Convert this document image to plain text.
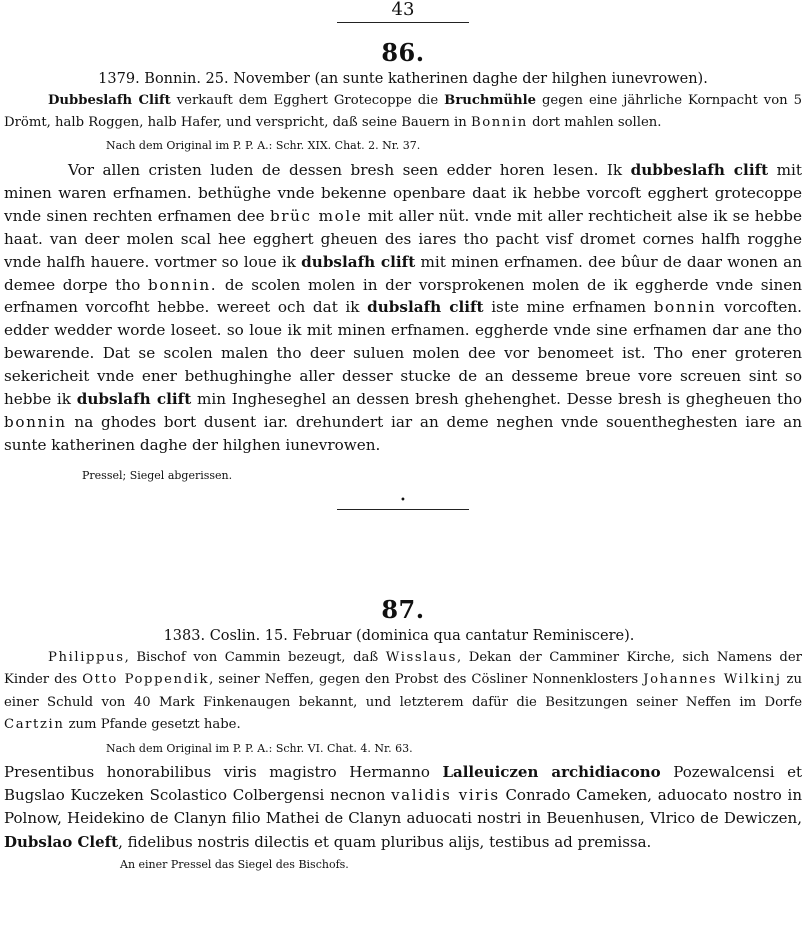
43
86.
1379. Bonnin. 25. November (an sunte katherinen daghe der hilghen iunevrowen).

Dubbeslafh Clift verkauft dem Egghert Grotecoppe die Bruchmühle gegen eine jährliche Kornpacht von 5 Drömt, halb Roggen, halb Hafer, und verspricht, daß seine Bauern in Bonnin dort mahlen sollen.

Nach dem Original im P. P. A.: Schr. XIX. Chat. 2. Nr. 37.

Vor allen cristen luden de dessen bresh seen edder horen lesen. Ik dubbeslafh clift mit minen waren erfnamen. bethüghe vnde bekenne openbare daat ik hebbe vorcoft egghert grotecoppe vnde sinen rechten erfnamen dee brüc mole mit aller nüt. vnde mit aller rechticheit alse ik se hebbe haat. van deer molen scal hee egghert gheuen des iares tho pacht visf dromet cornes halfh rogghe vnde halfh hauere. vortmer so loue ik dubslafh clift mit minen erfnamen. dee bûur de daar wonen an demee dorpe tho bonnin. de scolen molen in der vorsprokenen molen de ik eggherde vnde sinen erfnamen vorcofht hebbe. wereet och dat ik dubslafh clift iste mine erfnamen bonnin vorcoften. edder wedder worde loseet. so loue ik mit minen erfnamen. eggherde vnde sine erfnamen dar ane tho bewarende. Dat se scolen malen tho deer suluen molen dee vor benomeet ist. Tho ener groteren sekericheit vnde ener bethughinghe aller desser stucke de an desseme breue vore screuen sint so hebbe ik dubslafh clift min Ingheseghel an dessen bresh ghehenghet. Desse bresh is ghegheuen tho bonnin na ghodes bort dusent iar. drehundert iar an deme neghen vnde souentheghesten iare an sunte katherinen daghe der hilghen iunevrowen.

Pressel; Siegel abgerissen.
•
87.
1383. Coslin. 15. Februar (dominica qua cantatur Reminiscere).

Philippus, Bischof von Cammin bezeugt, daß Wisslaus, Dekan der Camminer Kirche, sich Namens der Kinder des Otto Poppendik, seiner Neffen, gegen den Probst des Cösliner Nonnenklosters Johannes Wilkinj zu einer Schuld von 40 Mark Finkenaugen bekannt, und letzterem dafür die Besitzungen seiner Neffen im Dorfe Cartzin zum Pfande gesetzt habe.

Nach dem Original im P. P. A.: Schr. VI. Chat. 4. Nr. 63.

Presentibus honorabilibus viris magistro Hermanno Lalleuiczen archidiacono Pozewalcensi et Bugslao Kuczeken Scolastico Colbergensi necnon validis viris Conrado Cameken, aduocato nostro in Polnow, Heidekino de Clanyn filio Mathei de Clanyn aduocati nostri in Beuenhusen, Vlrico de Dewiczen, Dubslao Cleft, fidelibus nostris dilectis et quam pluribus alijs, testibus ad premissa.

An einer Pressel das Siegel des Bischofs.
